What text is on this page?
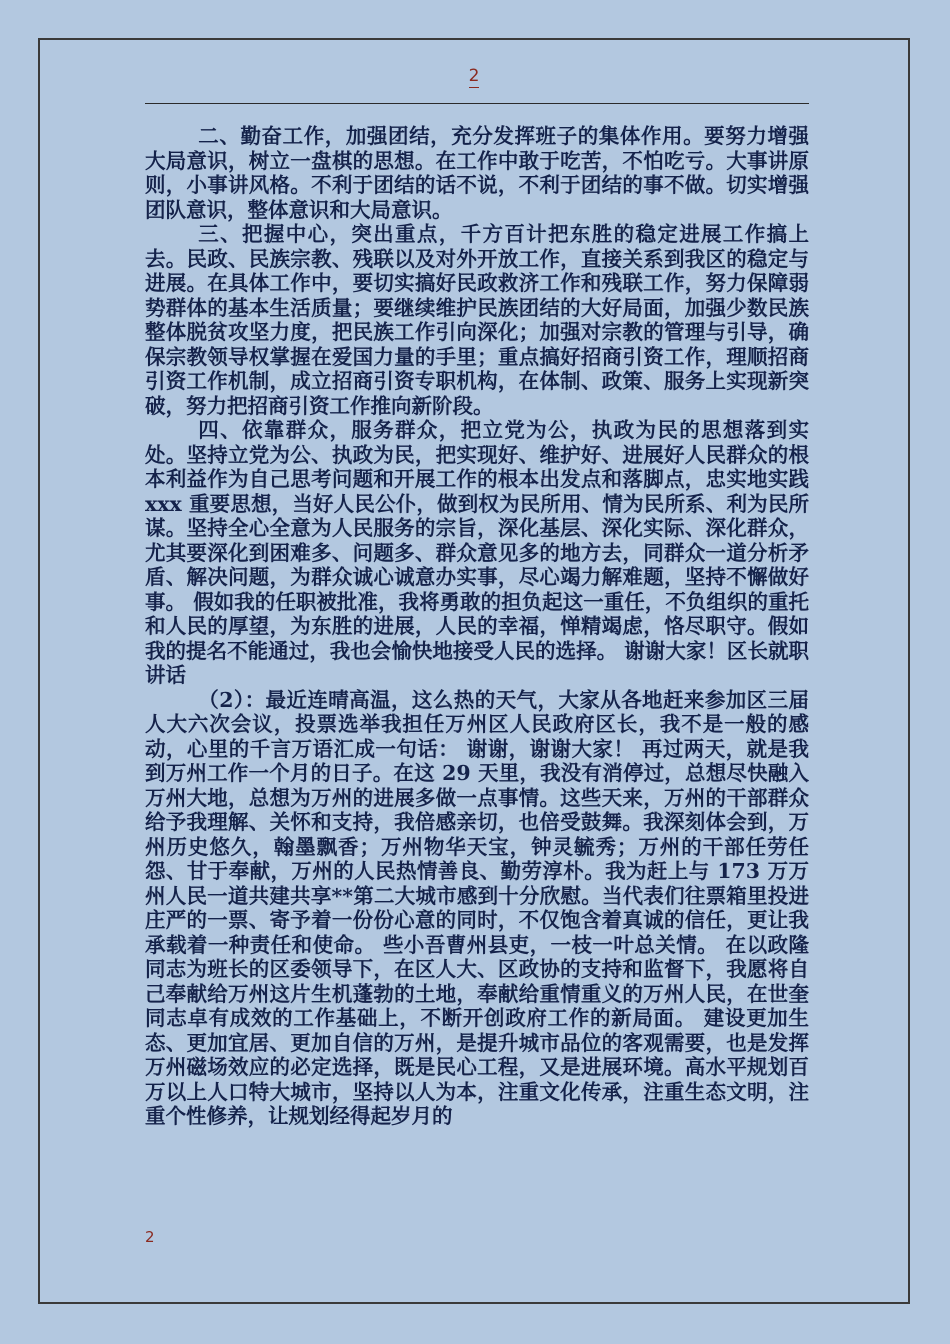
2

二、勤奋工作，加强团结，充分发挥班子的集体作用。要努力增强大局意识，树立一盘棋的思想。在工作中敢于吃苦，不怕吃亏。大事讲原则，小事讲风格。不利于团结的话不说，不利于团结的事不做。切实增强团队意识，整体意识和大局意识。

三、把握中心，突出重点，千方百计把东胜的稳定进展工作搞上去。民政、民族宗教、残联以及对外开放工作，直接关系到我区的稳定与进展。在具体工作中，要切实搞好民政救济工作和残联工作，努力保障弱势群体的基本生活质量；要继续维护民族团结的大好局面，加强少数民族整体脱贫攻坚力度，把民族工作引向深化；加强对宗教的管理与引导，确保宗教领导权掌握在爱国力量的手里；重点搞好招商引资工作，理顺招商引资工作机制，成立招商引资专职机构，在体制、政策、服务上实现新突破，努力把招商引资工作推向新阶段。

四、依靠群众，服务群众，把立党为公，执政为民的思想落到实处。坚持立党为公、执政为民，把实现好、维护好、进展好人民群众的根本利益作为自己思考问题和开展工作的根本出发点和落脚点，忠实地实践 xxx 重要思想，当好人民公仆，做到权为民所用、情为民所系、利为民所谋。坚持全心全意为人民服务的宗旨，深化基层、深化实际、深化群众，尤其要深化到困难多、问题多、群众意见多的地方去，同群众一道分析矛盾、解决问题，为群众诚心诚意办实事，尽心竭力解难题，坚持不懈做好事。 假如我的任职被批准，我将勇敢的担负起这一重任，不负组织的重托和人民的厚望，为东胜的进展，人民的幸福，惮精竭虑，恪尽职守。假如我的提名不能通过，我也会愉快地接受人民的选择。 谢谢大家！区长就职讲话

（2）：最近连晴高温，这么热的天气，大家从各地赶来参加区三届人大六次会议，投票选举我担任万州区人民政府区长，我不是一般的感动，心里的千言万语汇成一句话： 谢谢，谢谢大家！ 再过两天，就是我到万州工作一个月的日子。在这 29 天里，我没有消停过，总想尽快融入万州大地，总想为万州的进展多做一点事情。这些天来，万州的干部群众给予我理解、关怀和支持，我倍感亲切，也倍受鼓舞。我深刻体会到，万州历史悠久，翰墨飘香；万州物华天宝，钟灵毓秀；万州的干部任劳任怨、甘于奉献，万州的人民热情善良、勤劳淳朴。我为赶上与 173 万万州人民一道共建共享**第二大城市感到十分欣慰。当代表们往票箱里投进庄严的一票、寄予着一份份心意的同时，不仅饱含着真诚的信任，更让我承载着一种责任和使命。 些小吾曹州县吏，一枝一叶总关情。 在以政隆同志为班长的区委领导下，在区人大、区政协的支持和监督下，我愿将自己奉献给万州这片生机蓬勃的土地，奉献给重情重义的万州人民，在世奎同志卓有成效的工作基础上，不断开创政府工作的新局面。 建设更加生态、更加宜居、更加自信的万州，是提升城市品位的客观需要，也是发挥万州磁场效应的必定选择，既是民心工程，又是进展环境。高水平规划百万以上人口特大城市，坚持以人为本，注重文化传承，注重生态文明，注重个性修养，让规划经得起岁月的

2
